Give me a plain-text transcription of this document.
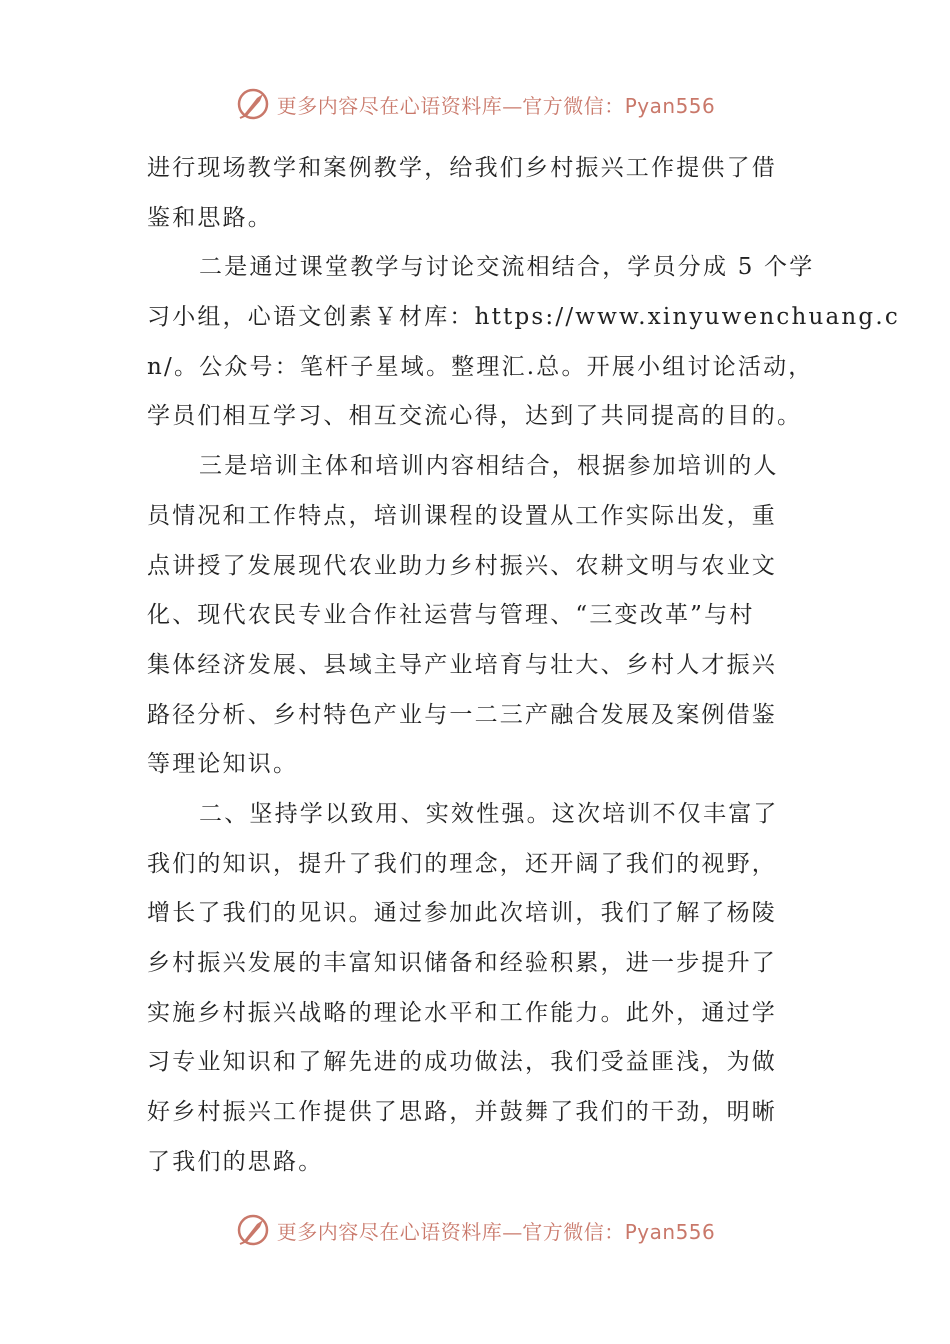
更多内容尽在心语资料库—官方微信：Pyan556
进行现场教学和案例教学，给我们乡村振兴工作提供了借
鉴和思路。
二是通过课堂教学与讨论交流相结合，学员分成 5 个学
习小组，心语文创素￥材库：https://www.xinyuwenchuang.c
n/。公众号：笔杆子星域。整理汇.总。开展小组讨论活动，
学员们相互学习、相互交流心得，达到了共同提高的目的。
三是培训主体和培训内容相结合，根据参加培训的人
员情况和工作特点，培训课程的设置从工作实际出发，重
点讲授了发展现代农业助力乡村振兴、农耕文明与农业文
化、现代农民专业合作社运营与管理、“三变改革”与村
集体经济发展、县域主导产业培育与壮大、乡村人才振兴
路径分析、乡村特色产业与一二三产融合发展及案例借鉴
等理论知识。
二、坚持学以致用、实效性强。这次培训不仅丰富了
我们的知识，提升了我们的理念，还开阔了我们的视野，
增长了我们的见识。通过参加此次培训，我们了解了杨陵
乡村振兴发展的丰富知识储备和经验积累，进一步提升了
实施乡村振兴战略的理论水平和工作能力。此外，通过学
习专业知识和了解先进的成功做法，我们受益匪浅，为做
好乡村振兴工作提供了思路，并鼓舞了我们的干劲，明晰
了我们的思路。
更多内容尽在心语资料库—官方微信：Pyan556
